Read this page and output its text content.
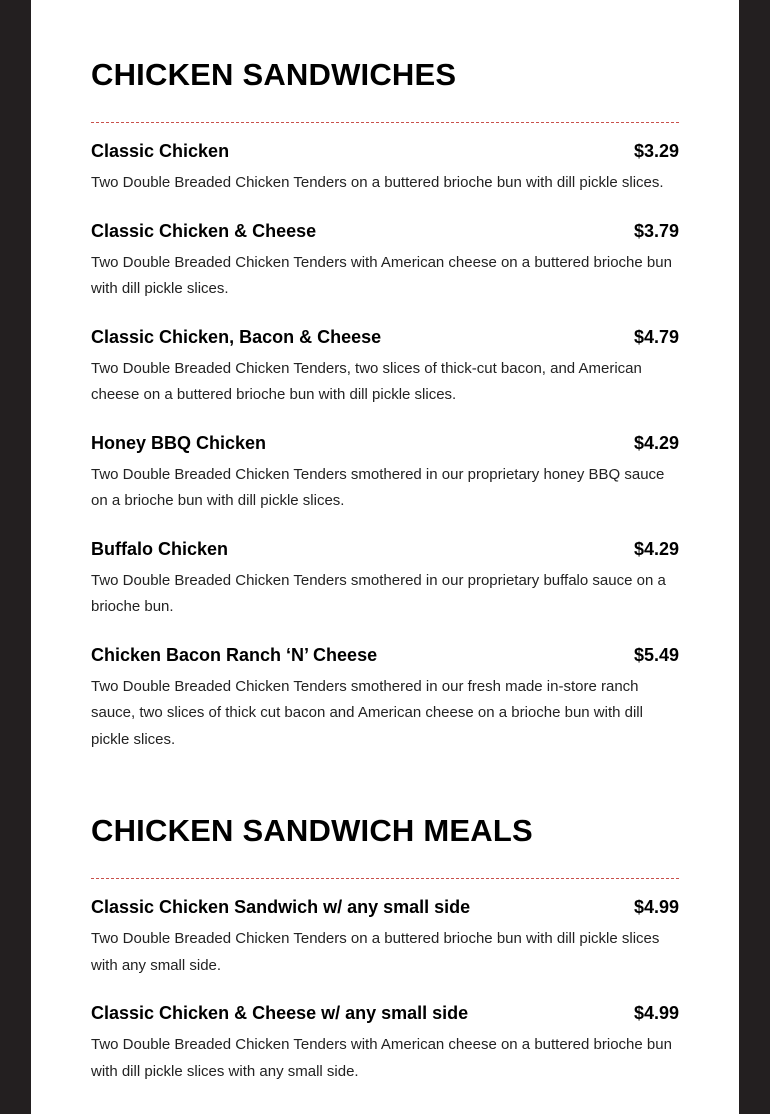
CHICKEN SANDWICHES
Classic Chicken	$3.29
Two Double Breaded Chicken Tenders on a buttered brioche bun with dill pickle slices.
Classic Chicken & Cheese	$3.79
Two Double Breaded Chicken Tenders with American cheese on a buttered brioche bun with dill pickle slices.
Classic Chicken, Bacon & Cheese	$4.79
Two Double Breaded Chicken Tenders, two slices of thick-cut bacon, and American cheese on a buttered brioche bun with dill pickle slices.
Honey BBQ Chicken	$4.29
Two Double Breaded Chicken Tenders smothered in our proprietary honey BBQ sauce on a brioche bun with dill pickle slices.
Buffalo Chicken	$4.29
Two Double Breaded Chicken Tenders smothered in our proprietary buffalo sauce on a brioche bun.
Chicken Bacon Ranch ‘N’ Cheese	$5.49
Two Double Breaded Chicken Tenders smothered in our fresh made in-store ranch sauce, two slices of thick cut bacon and American cheese on a brioche bun with dill pickle slices.
CHICKEN SANDWICH MEALS
Classic Chicken Sandwich w/ any small side	$4.99
Two Double Breaded Chicken Tenders on a buttered brioche bun with dill pickle slices with any small side.
Classic Chicken & Cheese w/ any small side	$4.99
Two Double Breaded Chicken Tenders with American cheese on a buttered brioche bun with dill pickle slices with any small side.
